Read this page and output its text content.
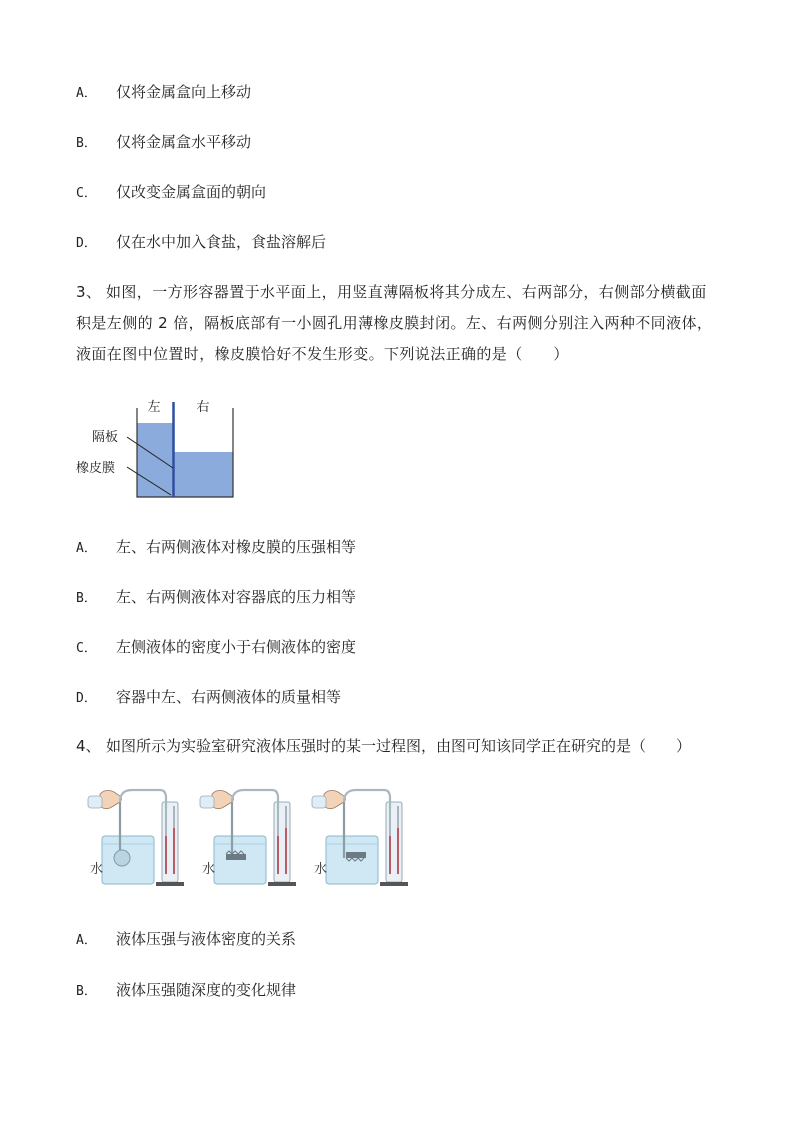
A． 仅将金属盒向上移动
B． 仅将金属盒水平移动
C． 仅改变金属盒面的朝向
D． 仅在水中加入食盐，食盐溶解后
3、 如图，一方形容器置于水平面上，用竖直薄隔板将其分成左、右两部分，右侧部分横截面积是左侧的 2 倍，隔板底部有一小圆孔用薄橡皮膜封闭。左、右两侧分别注入两种不同液体，液面在图中位置时，橡皮膜恰好不发生形变。下列说法正确的是（　　）
左	右
隔板
橡皮膜
A． 左、右两侧液体对橡皮膜的压强相等
B． 左、右两侧液体对容器底的压力相等
C． 左侧液体的密度小于右侧液体的密度
D． 容器中左、右两侧液体的质量相等
4、 如图所示为实验室研究液体压强时的某一过程图，由图可知该同学正在研究的是（　　）
水	水	水
A． 液体压强与液体密度的关系
B． 液体压强随深度的变化规律
